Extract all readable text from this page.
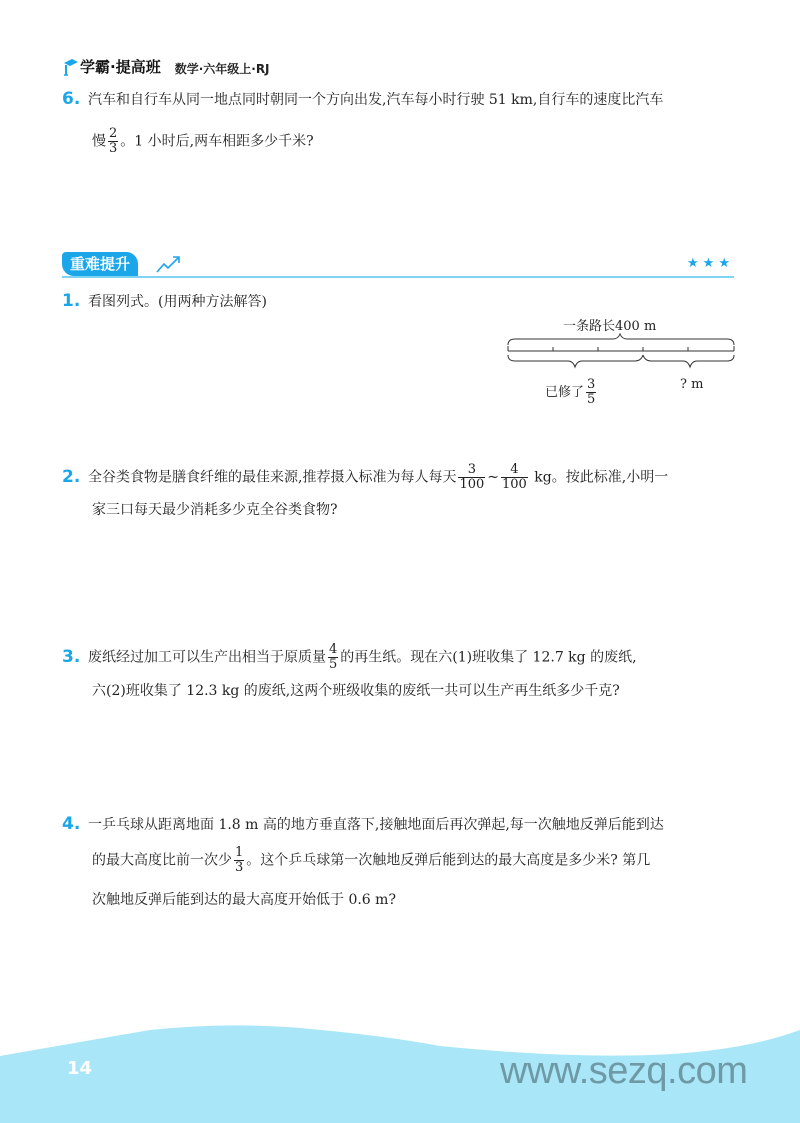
学霸·提高班 数学·六年级上·RJ
6. 汽车和自行车从同一地点同时朝同一个方向出发,汽车每小时行驶 51 km,自行车的速度比汽车
慢 $\frac{2}{3}$ 。1 小时后,两车相距多少千米?
重难提升	★★★
1. 看图列式。(用两种方法解答)
一条路长400 m
已修了 $\frac{3}{5}$	? m
2. 全谷类食物是膳食纤维的最佳来源,推荐摄入标准为每人每天 $\frac{3}{100}$ ~ $\frac{4}{100}$ kg。按此标准,小明一
家三口每天最少消耗多少克全谷类食物?
3. 废纸经过加工可以生产出相当于原质量 $\frac{4}{5}$ 的再生纸。现在六(1)班收集了 12.7 kg 的废纸,
六(2)班收集了 12.3 kg 的废纸,这两个班级收集的废纸一共可以生产再生纸多少千克?
4. 一乒乓球从距离地面 1.8 m 高的地方垂直落下,接触地面后再次弹起,每一次触地反弹后能到达
的最大高度比前一次少 $\frac{1}{3}$ 。这个乒乓球第一次触地反弹后能到达的最大高度是多少米? 第几
次触地反弹后能到达的最大高度开始低于 0.6 m?
14	www.sezq.com
